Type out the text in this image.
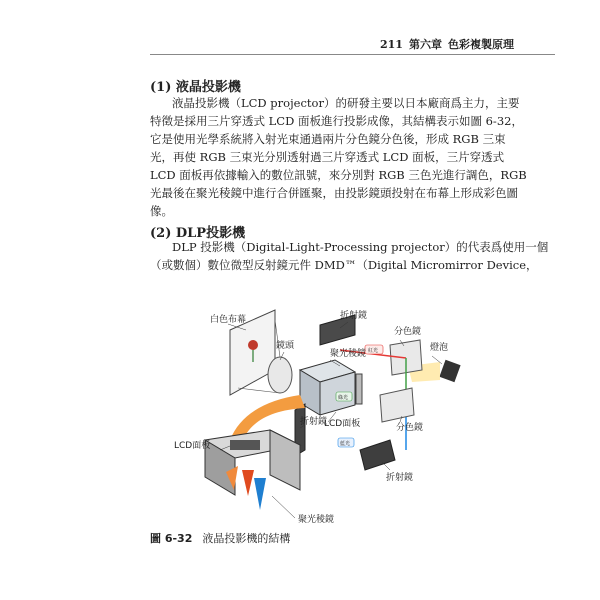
211 第六章 色彩複製原理
(1) 液晶投影機
液晶投影機（LCD projector）的研發主要以日本廠商爲主力，主要
特徵是採用三片穿透式 LCD 面板進行投影成像，其結構表示如圖 6-32，
它是使用光學系統將入射光束通過兩片分色鏡分色後，形成 RGB 三束
光，再使 RGB 三束光分別透射過三片穿透式 LCD 面板，三片穿透式
LCD 面板再依據輸入的數位訊號，來分別對 RGB 三色光進行調色，RGB
光最後在聚光稜鏡中進行合併匯聚，由投影鏡頭投射在布幕上形成彩色圖
像。
(2) DLP投影機
DLP 投影機（Digital-Light-Processing projector）的代表爲使用一個
（或數個）數位微型反射鏡元件 DMD™（Digital Micromirror Device，
紅光
綠光
藍光
白色布幕
鏡頭
折射鏡
分色鏡
燈泡
聚光稜鏡
LCD面板
折射鏡
分色鏡
LCD面板
折射鏡
聚光稜鏡
圖 6-32 液晶投影機的結構
